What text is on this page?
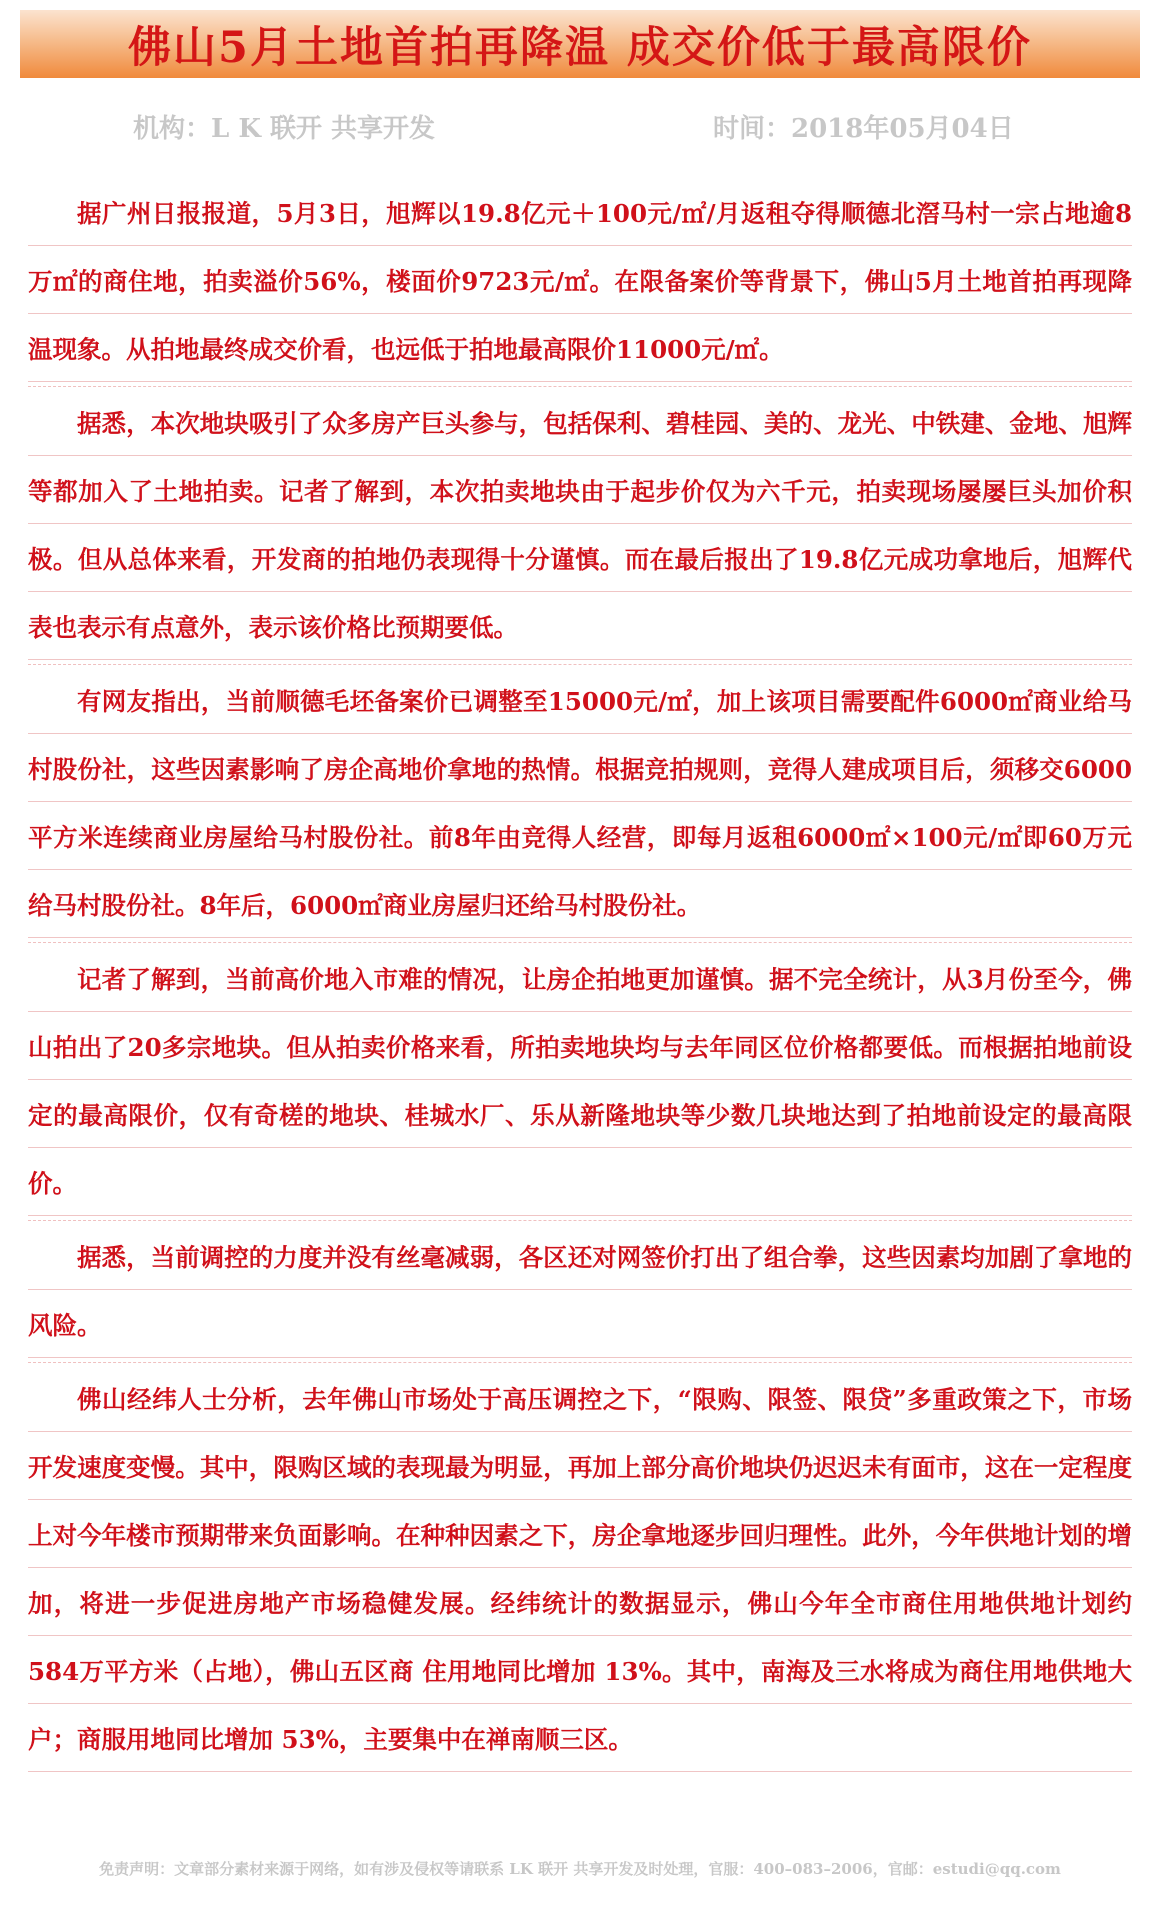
佛山5月土地首拍再降温 成交价低于最高限价
机构：L K 联开 共享开发	时间：2018年05月04日

据广州日报报道，5月3日，旭辉以19.8亿元＋100元/㎡/月返租夺得顺德北滘马村一宗占地逾8万㎡的商住地，拍卖溢价56%，楼面价9723元/㎡。在限备案价等背景下，佛山5月土地首拍再现降温现象。从拍地最终成交价看，也远低于拍地最高限价11000元/㎡。

据悉，本次地块吸引了众多房产巨头参与，包括保利、碧桂园、美的、龙光、中铁建、金地、旭辉等都加入了土地拍卖。记者了解到，本次拍卖地块由于起步价仅为六千元，拍卖现场屡屡巨头加价积极。但从总体来看，开发商的拍地仍表现得十分谨慎。而在最后报出了19.8亿元成功拿地后，旭辉代表也表示有点意外，表示该价格比预期要低。

有网友指出，当前顺德毛坯备案价已调整至15000元/㎡，加上该项目需要配件6000㎡商业给马村股份社，这些因素影响了房企高地价拿地的热情。根据竞拍规则，竞得人建成项目后，须移交6000平方米连续商业房屋给马村股份社。前8年由竞得人经营，即每月返租6000㎡×100元/㎡即60万元给马村股份社。8年后，6000㎡商业房屋归还给马村股份社。

记者了解到，当前高价地入市难的情况，让房企拍地更加谨慎。据不完全统计，从3月份至今，佛山拍出了20多宗地块。但从拍卖价格来看，所拍卖地块均与去年同区位价格都要低。而根据拍地前设定的最高限价，仅有奇槎的地块、桂城水厂、乐从新隆地块等少数几块地达到了拍地前设定的最高限价。

据悉，当前调控的力度并没有丝毫减弱，各区还对网签价打出了组合拳，这些因素均加剧了拿地的风险。

佛山经纬人士分析，去年佛山市场处于高压调控之下，“限购、限签、限贷”多重政策之下，市场开发速度变慢。其中，限购区域的表现最为明显，再加上部分高价地块仍迟迟未有面市，这在一定程度上对今年楼市预期带来负面影响。在种种因素之下，房企拿地逐步回归理性。此外，今年供地计划的增加，将进一步促进房地产市场稳健发展。经纬统计的数据显示，佛山今年全市商住用地供地计划约584万平方米（占地），佛山五区商 住用地同比增加 13%。其中，南海及三水将成为商住用地供地大户；商服用地同比增加 53%，主要集中在禅南顺三区。

免责声明：文章部分素材来源于网络，如有涉及侵权等请联系 LK 联开 共享开发及时处理，官服：400–083–2006，官邮：estudi@qq.com
